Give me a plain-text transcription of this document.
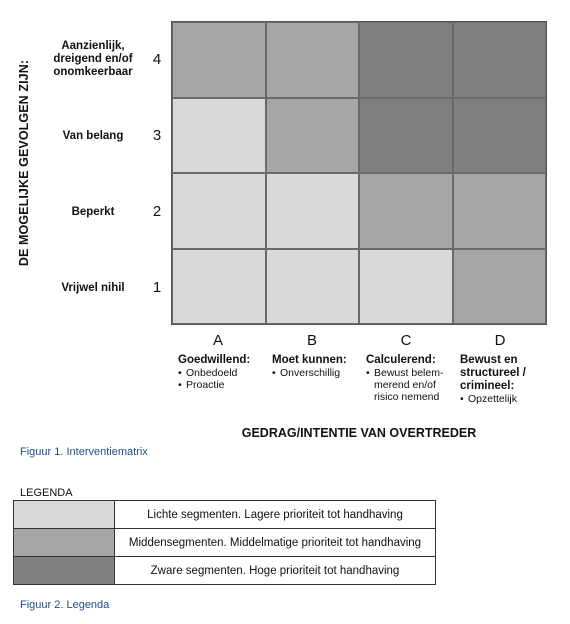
DE MOGELIJKE GEVOLGEN ZIJN:
Aanzienlijk, dreigend en/of onomkeerbaar
4
Van belang	3
Beperkt	2
Vrijwel nihil	1
A	B	C	D
Goedwillend:
• Onbedoeld
• Proactie
Moet kunnen:
• Onverschillig
Calculerend:
• Bewust belem-merend en/of risico nemend
Bewust en structureel / crimineel:
• Opzettelijk
GEDRAG/INTENTIE VAN OVERTREDER
Figuur 1. Interventiematrix
LEGENDA
Lichte segmenten. Lagere prioriteit tot handhaving
Middensegmenten. Middelmatige prioriteit tot handhaving
Zware segmenten. Hoge prioriteit tot handhaving
Figuur 2. Legenda
